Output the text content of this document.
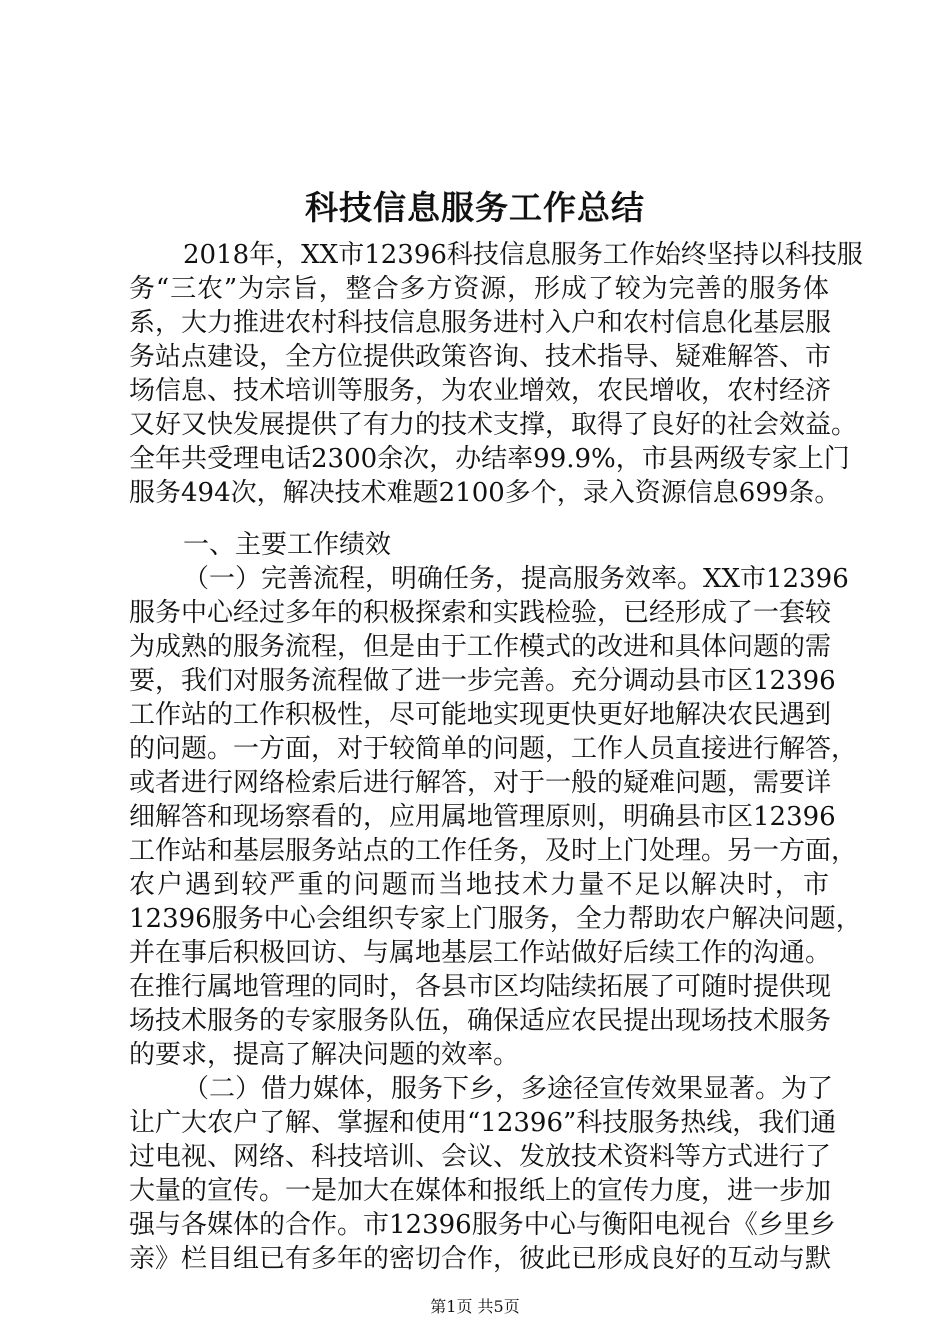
科技信息服务工作总结
2018年，XX市12396科技信息服务工作始终坚持以科技服
务“三农”为宗旨，整合多方资源，形成了较为完善的服务体
系，大力推进农村科技信息服务进村入户和农村信息化基层服
务站点建设，全方位提供政策咨询、技术指导、疑难解答、市
场信息、技术培训等服务，为农业增效，农民增收，农村经济
又好又快发展提供了有力的技术支撑，取得了良好的社会效益。
全年共受理电话2300余次，办结率99.9%，市县两级专家上门
服务494次，解决技术难题2100多个，录入资源信息699条。
一、主要工作绩效
（一）完善流程，明确任务，提高服务效率。XX市12396
服务中心经过多年的积极探索和实践检验，已经形成了一套较
为成熟的服务流程，但是由于工作模式的改进和具体问题的需
要，我们对服务流程做了进一步完善。充分调动县市区12396
工作站的工作积极性，尽可能地实现更快更好地解决农民遇到
的问题。一方面，对于较简单的问题，工作人员直接进行解答，
或者进行网络检索后进行解答，对于一般的疑难问题，需要详
细解答和现场察看的，应用属地管理原则，明确县市区12396
工作站和基层服务站点的工作任务，及时上门处理。另一方面，
农户遇到较严重的问题而当地技术力量不足以解决时，市
12396服务中心会组织专家上门服务，全力帮助农户解决问题，
并在事后积极回访、与属地基层工作站做好后续工作的沟通。
在推行属地管理的同时，各县市区均陆续拓展了可随时提供现
场技术服务的专家服务队伍，确保适应农民提出现场技术服务
的要求，提高了解决问题的效率。
（二）借力媒体，服务下乡，多途径宣传效果显著。为了
让广大农户了解、掌握和使用“12396”科技服务热线，我们通
过电视、网络、科技培训、会议、发放技术资料等方式进行了
大量的宣传。一是加大在媒体和报纸上的宣传力度，进一步加
强与各媒体的合作。市12396服务中心与衡阳电视台《乡里乡
亲》栏目组已有多年的密切合作，彼此已形成良好的互动与默
第1页 共5页
